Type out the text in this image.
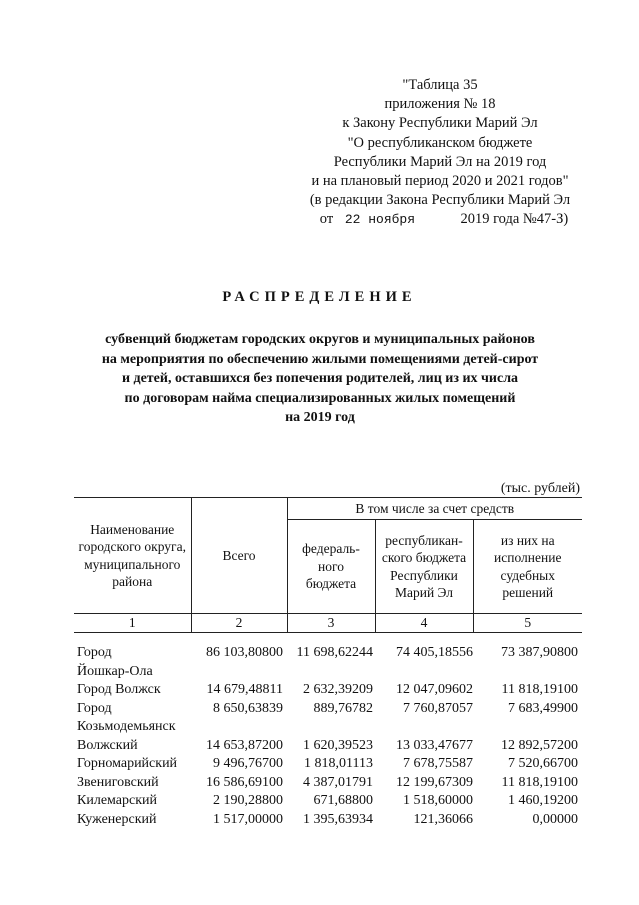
"Таблица 35
приложения № 18
к Закону Республики Марий Эл
"О республиканском бюджете
Республики Марий Эл на 2019 год
и на плановый период 2020 и 2021 годов"
(в редакции Закона Республики Марий Эл
от 22 ноября	2019 года №47-З)
РАСПРЕДЕЛЕНИЕ
субвенций бюджетам городских округов и муниципальных районов
на мероприятия по обеспечению жилыми помещениями детей-сирот
и детей, оставшихся без попечения родителей, лиц из их числа
по договорам найма специализированных жилых помещений
на 2019 год
(тыс. рублей)
Наименование городского округа, муниципального района	Всего	В том числе за счет средств		
		федераль-ного бюджета	республикан-ского бюджета Республики Марий Эл	из них на исполнение судебных решений
1	2	3	4	5
Город	86 103,80800	11 698,62244	74 405,18556	73 387,90800
Йошкар-Ола				
Город Волжск	14 679,48811	2 632,39209	12 047,09602	11 818,19100
Город	8 650,63839	889,76782	7 760,87057	7 683,49900
Козьмодемьянск				
Волжский	14 653,87200	1 620,39523	13 033,47677	12 892,57200
Горномарийский	9 496,76700	1 818,01113	7 678,75587	7 520,66700
Звениговский	16 586,69100	4 387,01791	12 199,67309	11 818,19100
Килемарский	2 190,28800	671,68800	1 518,60000	1 460,19200
Куженерский	1 517,00000	1 395,63934	121,36066	0,00000
